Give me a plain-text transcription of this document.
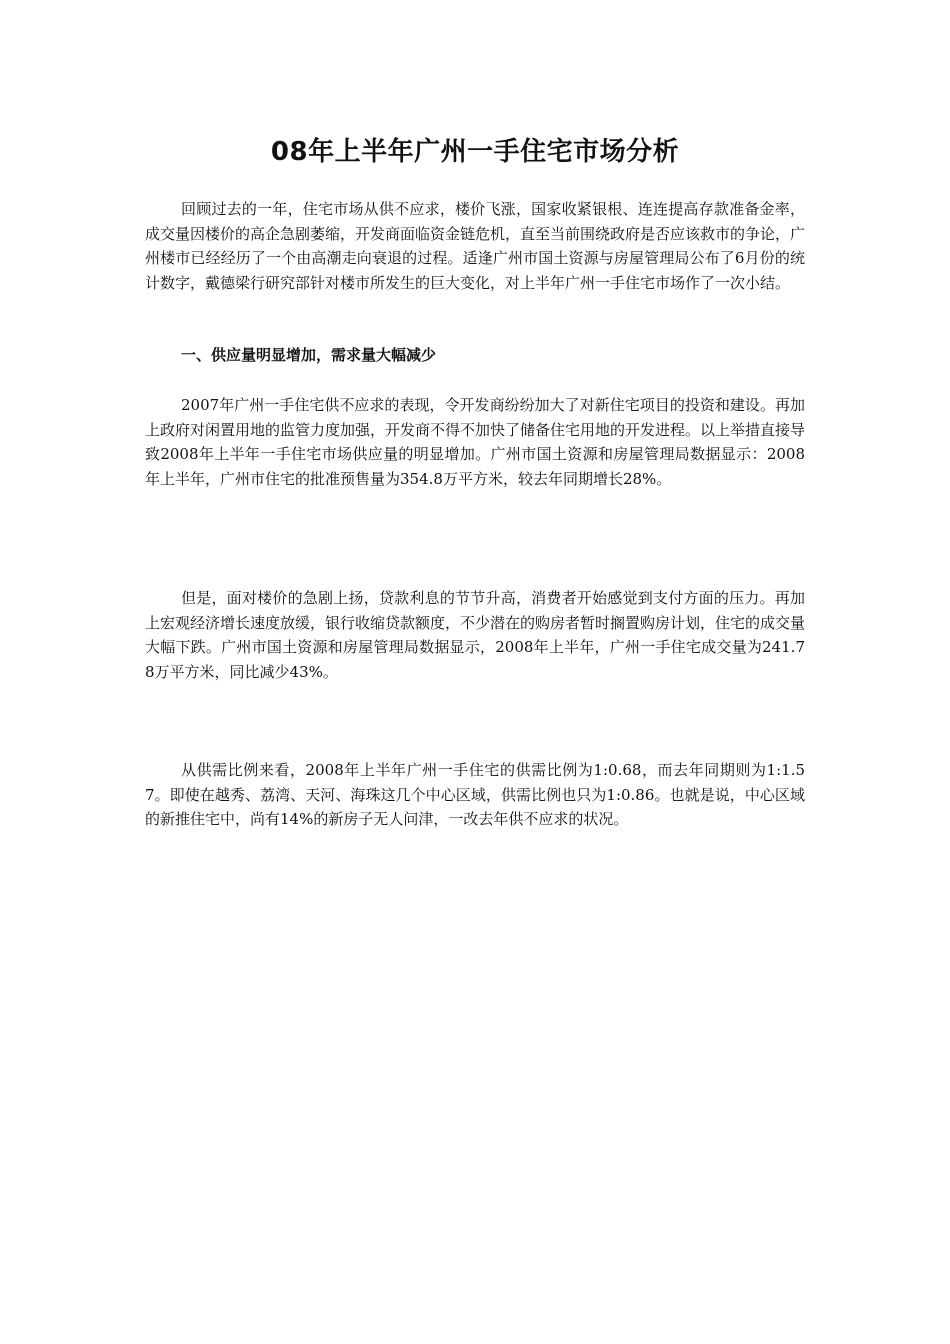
08年上半年广州一手住宅市场分析

回顾过去的一年，住宅市场从供不应求，楼价飞涨，国家收紧银根、连连提高存款准备金率，成交量因楼价的高企急剧萎缩，开发商面临资金链危机，直至当前围绕政府是否应该救市的争论，广州楼市已经经历了一个由高潮走向衰退的过程。适逢广州市国土资源与房屋管理局公布了6月份的统计数字，戴德梁行研究部针对楼市所发生的巨大变化，对上半年广州一手住宅市场作了一次小结。

一、供应量明显增加，需求量大幅减少

2007年广州一手住宅供不应求的表现，令开发商纷纷加大了对新住宅项目的投资和建设。再加上政府对闲置用地的监管力度加强，开发商不得不加快了储备住宅用地的开发进程。以上举措直接导致2008年上半年一手住宅市场供应量的明显增加。广州市国土资源和房屋管理局数据显示：2008年上半年，广州市住宅的批准预售量为354.8万平方米，较去年同期增长28%。

但是，面对楼价的急剧上扬，贷款利息的节节升高，消费者开始感觉到支付方面的压力。再加上宏观经济增长速度放缓，银行收缩贷款额度，不少潜在的购房者暂时搁置购房计划，住宅的成交量大幅下跌。广州市国土资源和房屋管理局数据显示，2008年上半年，广州一手住宅成交量为241.78万平方米，同比减少43%。

从供需比例来看，2008年上半年广州一手住宅的供需比例为1:0.68，而去年同期则为1:1.57。即使在越秀、荔湾、天河、海珠这几个中心区域，供需比例也只为1:0.86。也就是说，中心区域的新推住宅中，尚有14%的新房子无人问津，一改去年供不应求的状况。
